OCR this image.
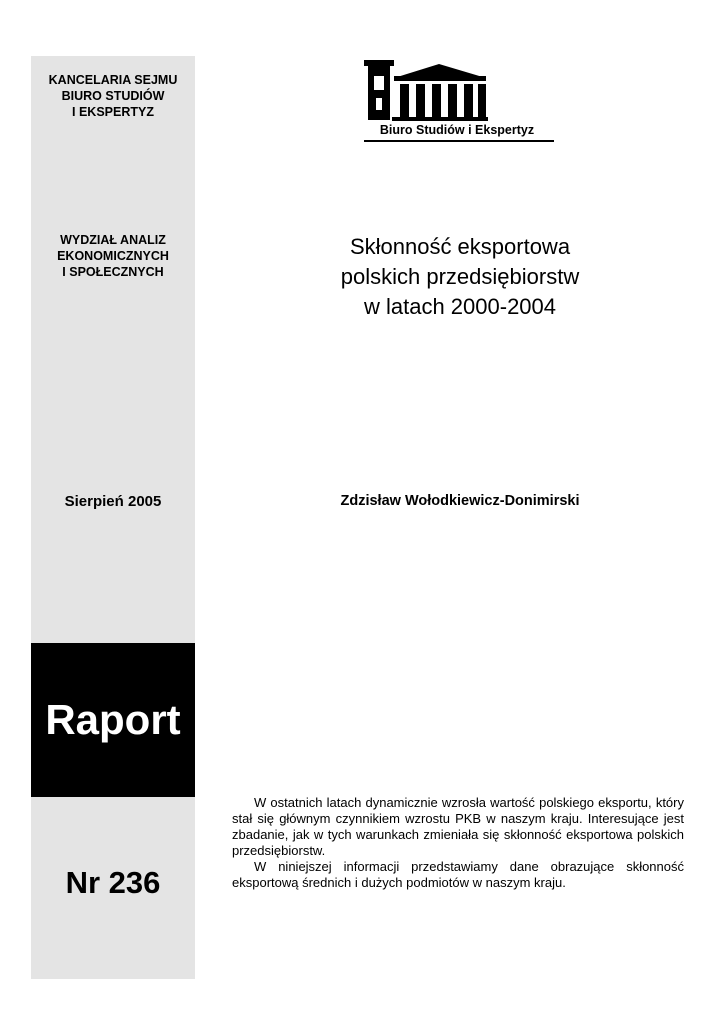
KANCELARIA SEJMU
BIURO STUDIÓW
I EKSPERTYZ
WYDZIAŁ ANALIZ
EKONOMICZNYCH
I SPOŁECZNYCH
Sierpień 2005
Raport
Nr 236
Biuro Studiów i Ekspertyz
Skłonność eksportowa
polskich przedsiębiorstw
w latach 2000-2004
Zdzisław Wołodkiewicz-Donimirski

W ostatnich latach dynamicznie wzrosła wartość polskiego eksportu, który stał się głównym czynnikiem wzrostu PKB w naszym kraju. Interesujące jest zbadanie, jak w tych warunkach zmieniała się skłonność eksportowa polskich przedsiębiorstw.

W niniejszej informacji przedstawiamy dane obrazujące skłonność eksportową średnich i dużych podmiotów w naszym kraju.
